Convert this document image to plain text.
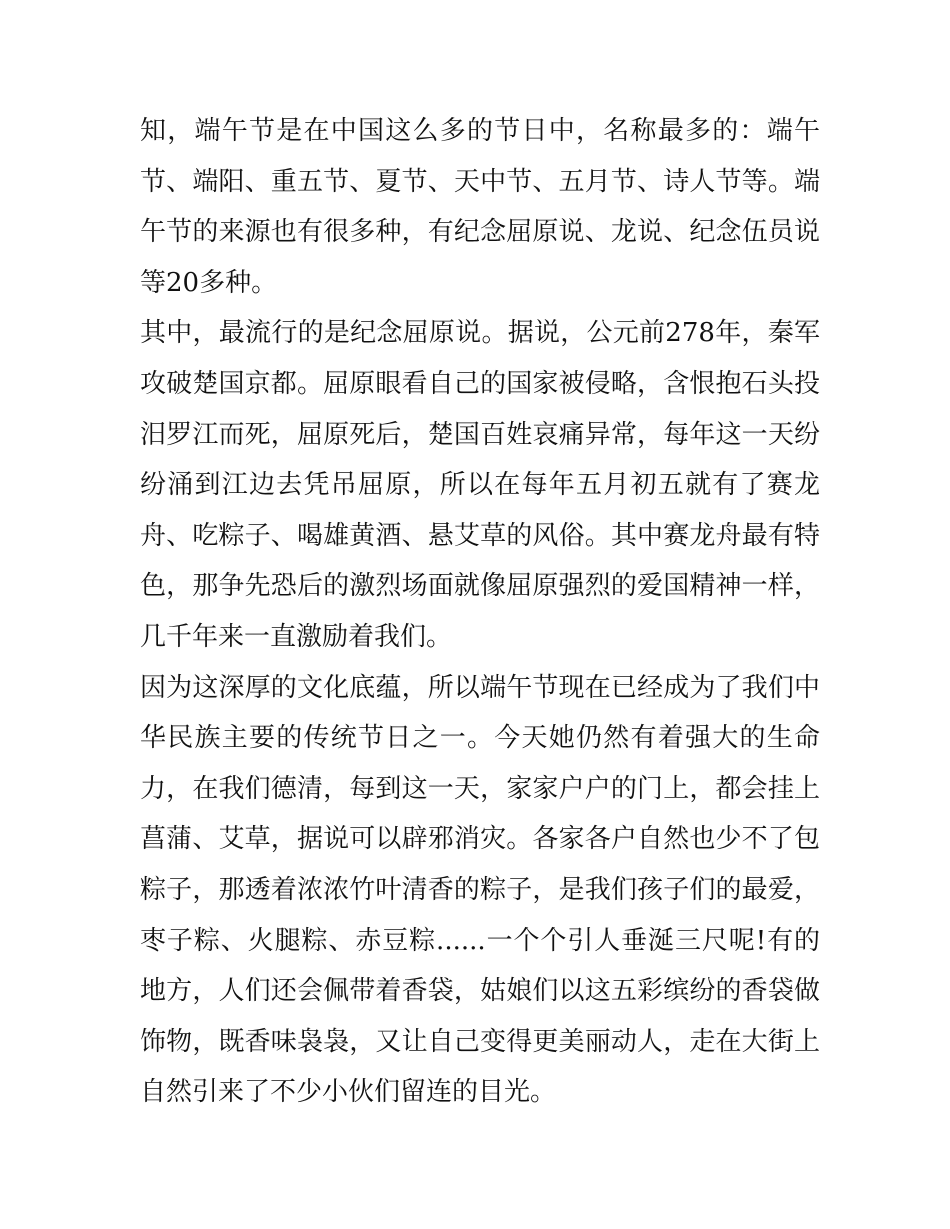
知，端午节是在中国这么多的节日中，名称最多的：端午节、端阳、重五节、夏节、天中节、五月节、诗人节等。端午节的来源也有很多种，有纪念屈原说、龙说、纪念伍员说等20多种。

其中，最流行的是纪念屈原说。据说，公元前278年，秦军攻破楚国京都。屈原眼看自己的国家被侵略，含恨抱石头投汨罗江而死，屈原死后，楚国百姓哀痛异常，每年这一天纷纷涌到江边去凭吊屈原，所以在每年五月初五就有了赛龙舟、吃粽子、喝雄黄酒、悬艾草的风俗。其中赛龙舟最有特色，那争先恐后的激烈场面就像屈原强烈的爱国精神一样，几千年来一直激励着我们。

因为这深厚的文化底蕴，所以端午节现在已经成为了我们中华民族主要的传统节日之一。今天她仍然有着强大的生命力，在我们德清，每到这一天，家家户户的门上，都会挂上菖蒲、艾草，据说可以辟邪消灾。各家各户自然也少不了包粽子，那透着浓浓竹叶清香的粽子，是我们孩子们的最爱，枣子粽、火腿粽、赤豆粽......一个个引人垂涎三尺呢!有的地方，人们还会佩带着香袋，姑娘们以这五彩缤纷的香袋做饰物，既香味袅袅，又让自己变得更美丽动人，走在大街上自然引来了不少小伙们留连的目光。
